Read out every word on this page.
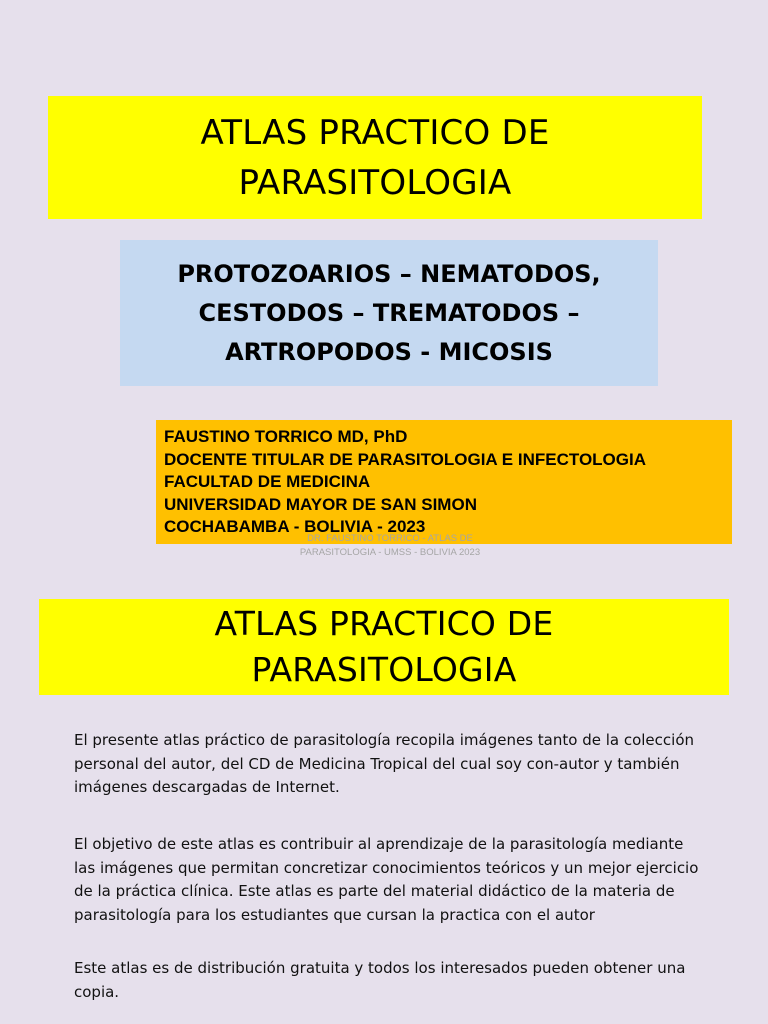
ATLAS PRACTICO DE
PARASITOLOGIA
PROTOZOARIOS – NEMATODOS,
CESTODOS – TREMATODOS –
ARTROPODOS - MICOSIS
FAUSTINO TORRICO MD, PhD
DOCENTE TITULAR DE PARASITOLOGIA E INFECTOLOGIA
FACULTAD DE MEDICINA
UNIVERSIDAD MAYOR DE SAN SIMON
COCHABAMBA - BOLIVIA - 2023
DR. FAUSTINO TORRICO - ATLAS DE
PARASITOLOGIA - UMSS - BOLIVIA 2023
ATLAS PRACTICO DE
PARASITOLOGIA
El presente atlas práctico de parasitología recopila imágenes tanto de la colección
personal del autor, del CD de Medicina Tropical del cual soy con-autor y también
imágenes descargadas de Internet.
El objetivo de este atlas es contribuir al aprendizaje de la parasitología mediante
las imágenes que permitan concretizar conocimientos teóricos y un mejor ejercicio
de la práctica clínica. Este atlas es parte del material didáctico de la materia de
parasitología para los estudiantes que cursan la practica con el autor
Este atlas es de distribución gratuita y todos los interesados pueden obtener una
copia.
